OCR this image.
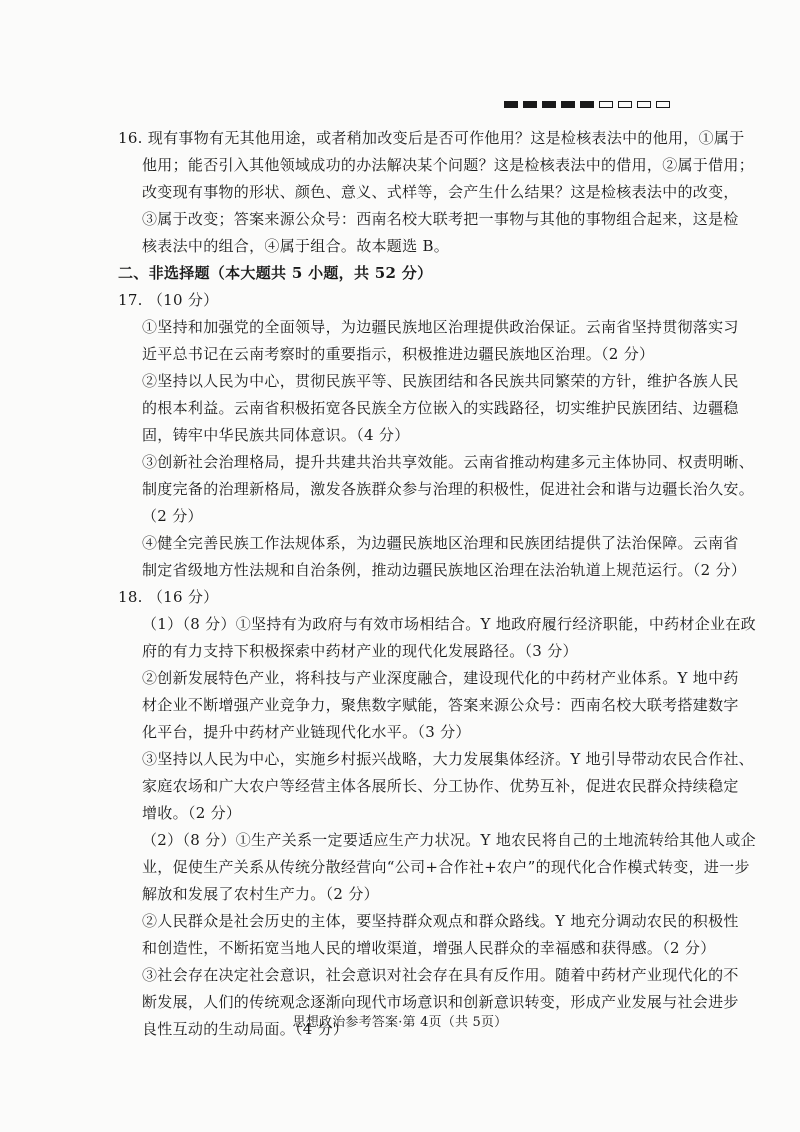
16. 现有事物有无其他用途，或者稍加改变后是否可作他用？这是检核表法中的他用，①属于
他用；能否引入其他领域成功的办法解决某个问题？这是检核表法中的借用，②属于借用；
改变现有事物的形状、颜色、意义、式样等，会产生什么结果？这是检核表法中的改变，
③属于改变；答案来源公众号：西南名校大联考把一事物与其他的事物组合起来，这是检
核表法中的组合，④属于组合。故本题选 B。
二、非选择题（本大题共 5 小题，共 52 分）
17. （10 分）
①坚持和加强党的全面领导，为边疆民族地区治理提供政治保证。云南省坚持贯彻落实习
近平总书记在云南考察时的重要指示，积极推进边疆民族地区治理。（2 分）
②坚持以人民为中心，贯彻民族平等、民族团结和各民族共同繁荣的方针，维护各族人民
的根本利益。云南省积极拓宽各民族全方位嵌入的实践路径，切实维护民族团结、边疆稳
固，铸牢中华民族共同体意识。（4 分）
③创新社会治理格局，提升共建共治共享效能。云南省推动构建多元主体协同、权责明晰、
制度完备的治理新格局，激发各族群众参与治理的积极性，促进社会和谐与边疆长治久安。
（2 分）
④健全完善民族工作法规体系，为边疆民族地区治理和民族团结提供了法治保障。云南省
制定省级地方性法规和自治条例，推动边疆民族地区治理在法治轨道上规范运行。（2 分）
18. （16 分）
（1）（8 分）①坚持有为政府与有效市场相结合。Y 地政府履行经济职能，中药材企业在政
府的有力支持下积极探索中药材产业的现代化发展路径。（3 分）
②创新发展特色产业，将科技与产业深度融合，建设现代化的中药材产业体系。Y 地中药
材企业不断增强产业竞争力，聚焦数字赋能，答案来源公众号：西南名校大联考搭建数字
化平台，提升中药材产业链现代化水平。（3 分）
③坚持以人民为中心，实施乡村振兴战略，大力发展集体经济。Y 地引导带动农民合作社、
家庭农场和广大农户等经营主体各展所长、分工协作、优势互补，促进农民群众持续稳定
增收。（2 分）
（2）（8 分）①生产关系一定要适应生产力状况。Y 地农民将自己的土地流转给其他人或企
业，促使生产关系从传统分散经营向“公司+合作社+农户”的现代化合作模式转变，进一步
解放和发展了农村生产力。（2 分）
②人民群众是社会历史的主体，要坚持群众观点和群众路线。Y 地充分调动农民的积极性
和创造性，不断拓宽当地人民的增收渠道，增强人民群众的幸福感和获得感。（2 分）
③社会存在决定社会意识，社会意识对社会存在具有反作用。随着中药材产业现代化的不
断发展，人们的传统观念逐渐向现代市场意识和创新意识转变，形成产业发展与社会进步
良性互动的生动局面。（4 分）
思想政治参考答案·第 4页（共 5页）
